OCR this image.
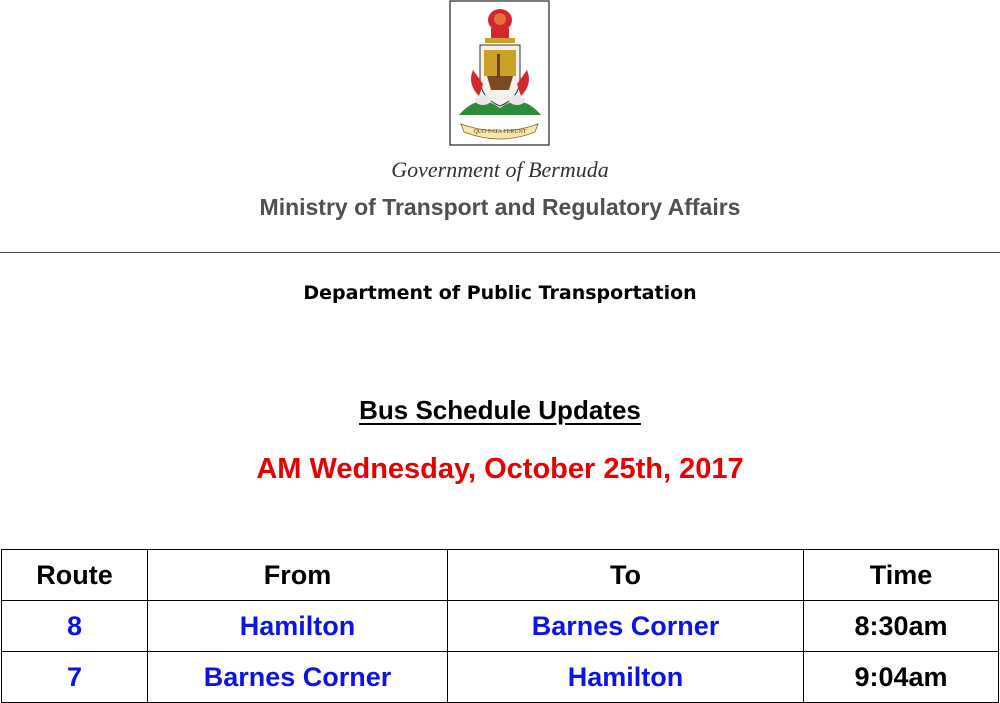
QUO FATA FERUNT
Government of Bermuda
Ministry of Transport and Regulatory Affairs
Department of Public Transportation
Bus Schedule Updates
AM Wednesday, October 25th, 2017
Route	From	To	Time
8	Hamilton	Barnes Corner	8:30am
7	Barnes Corner	Hamilton	9:04am
